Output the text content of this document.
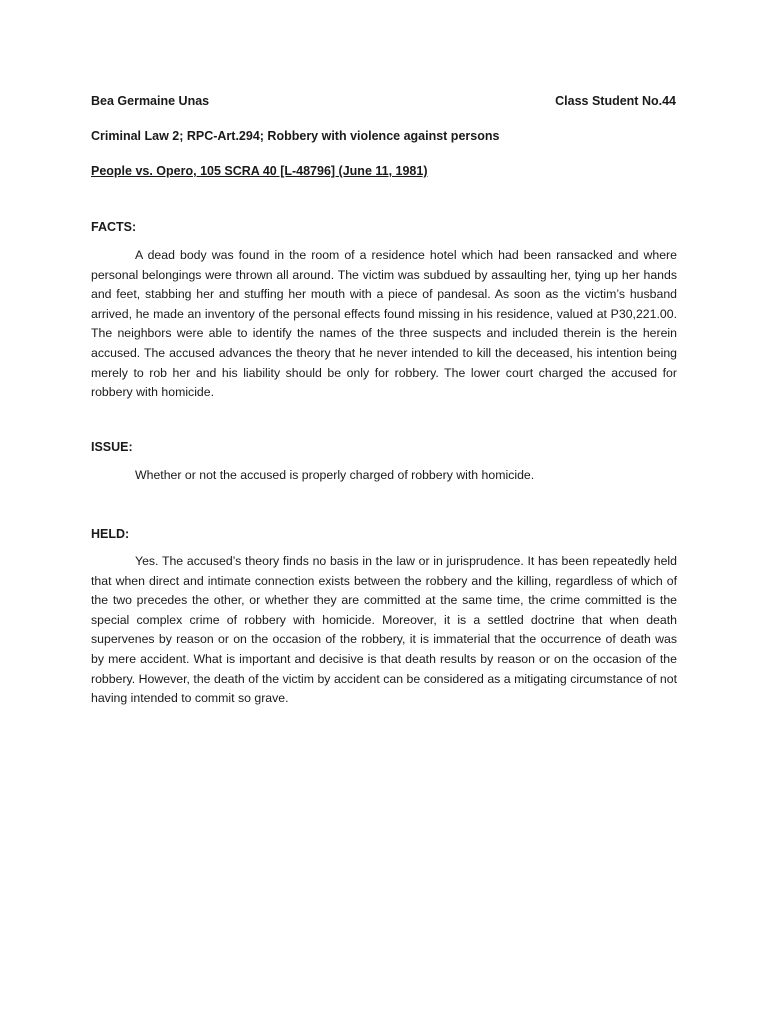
Bea Germaine Unas	Class Student No.44
Criminal Law 2; RPC-Art.294; Robbery with violence against persons
People vs. Opero, 105 SCRA 40 [L-48796] (June 11, 1981)
FACTS:

A dead body was found in the room of a residence hotel which had been ransacked and where personal belongings were thrown all around. The victim was subdued by assaulting her, tying up her hands and feet, stabbing her and stuffing her mouth with a piece of pandesal. As soon as the victim’s husband arrived, he made an inventory of the personal effects found missing in his residence, valued at P30,221.00. The neighbors were able to identify the names of the three suspects and included therein is the herein accused. The accused advances the theory that he never intended to kill the deceased, his intention being merely to rob her and his liability should be only for robbery. The lower court charged the accused for robbery with homicide.

ISSUE:

Whether or not the accused is properly charged of robbery with homicide.

HELD:

Yes. The accused’s theory finds no basis in the law or in jurisprudence. It has been repeatedly held that when direct and intimate connection exists between the robbery and the killing, regardless of which of the two precedes the other, or whether they are committed at the same time, the crime committed is the special complex crime of robbery with homicide. Moreover, it is a settled doctrine that when death supervenes by reason or on the occasion of the robbery, it is immaterial that the occurrence of death was by mere accident. What is important and decisive is that death results by reason or on the occasion of the robbery. However, the death of the victim by accident can be considered as a mitigating circumstance of not having intended to commit so grave.
